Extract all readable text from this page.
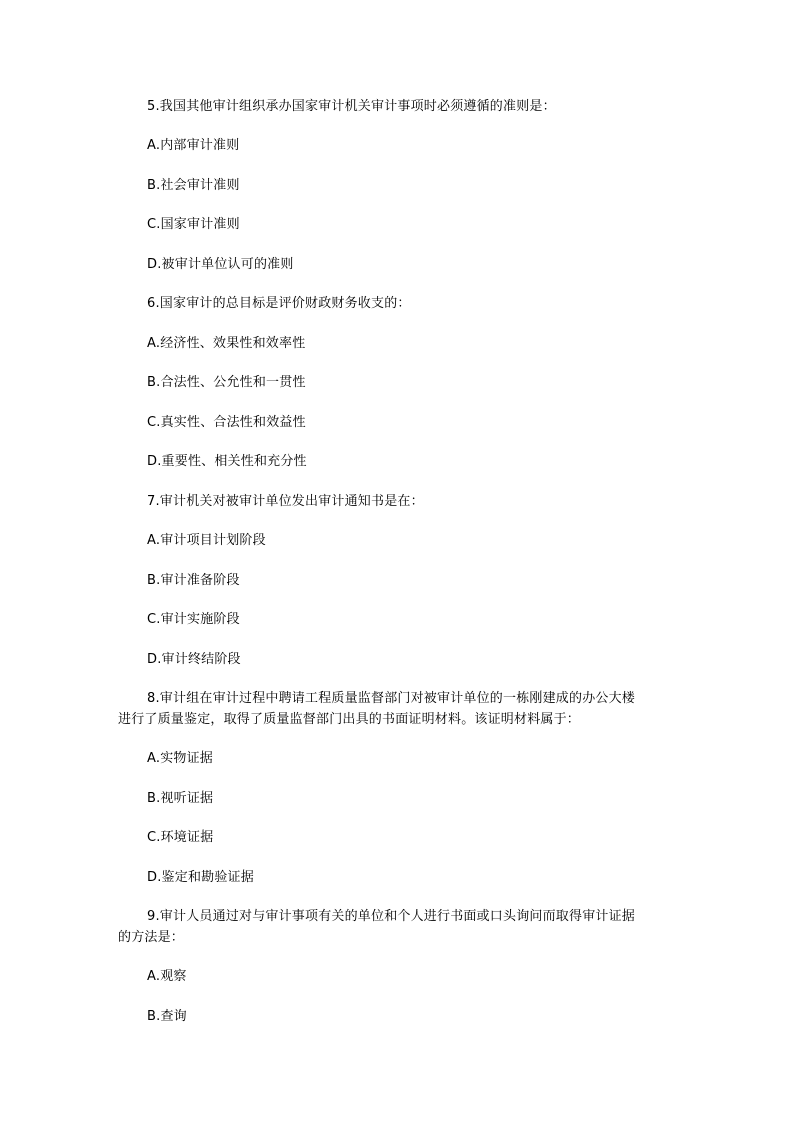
5.我国其他审计组织承办国家审计机关审计事项时必须遵循的准则是：
A.内部审计准则
B.社会审计准则
C.国家审计准则
D.被审计单位认可的准则
6.国家审计的总目标是评价财政财务收支的：
A.经济性、效果性和效率性
B.合法性、公允性和一贯性
C.真实性、合法性和效益性
D.重要性、相关性和充分性
7.审计机关对被审计单位发出审计通知书是在：
A.审计项目计划阶段
B.审计准备阶段
C.审计实施阶段
D.审计终结阶段
8.审计组在审计过程中聘请工程质量监督部门对被审计单位的一栋刚建成的办公大楼
进行了质量鉴定，取得了质量监督部门出具的书面证明材料。该证明材料属于：
A.实物证据
B.视听证据
C.环境证据
D.鉴定和勘验证据
9.审计人员通过对与审计事项有关的单位和个人进行书面或口头询问而取得审计证据
的方法是：
A.观察
B.查询
